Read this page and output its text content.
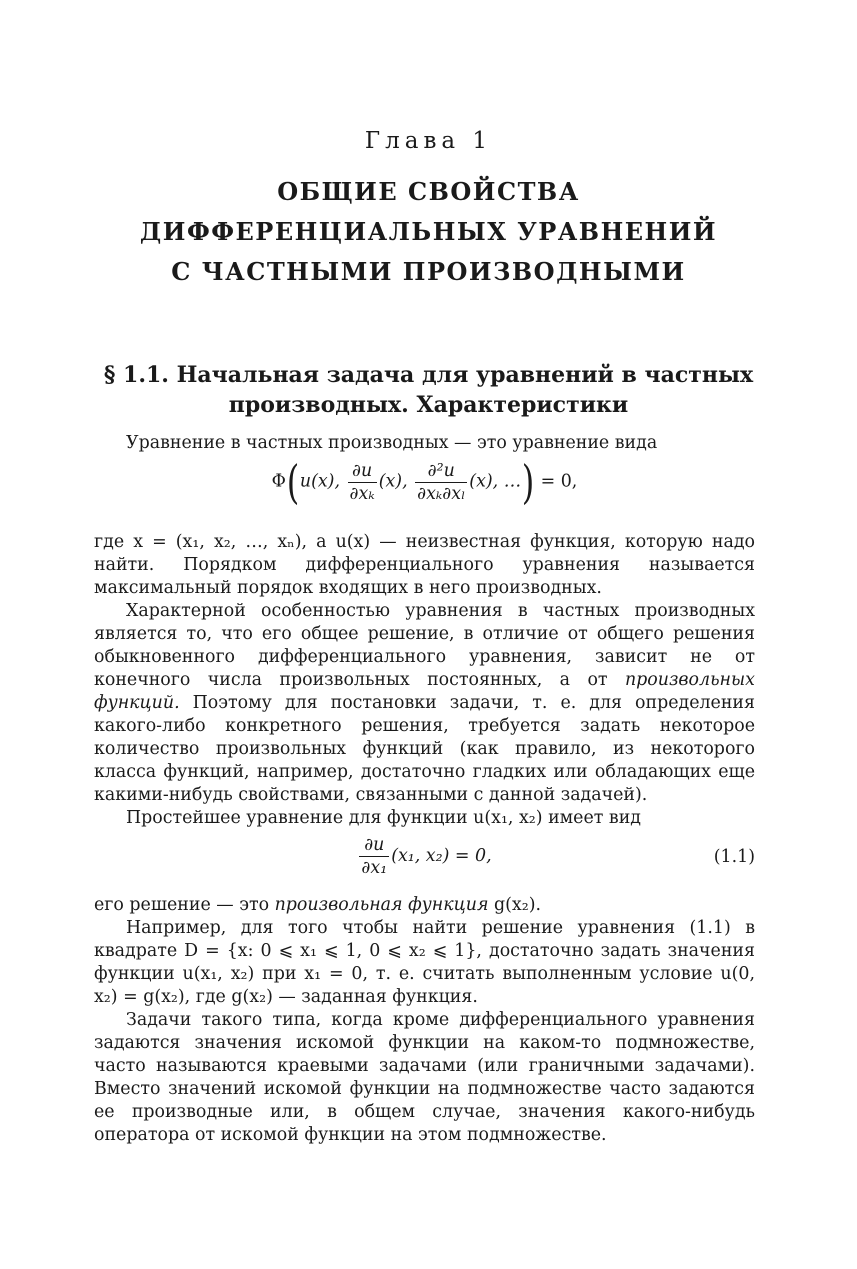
Глава 1
ОБЩИЕ СВОЙСТВА
ДИФФЕРЕНЦИАЛЬНЫХ УРАВНЕНИЙ
С ЧАСТНЫМИ ПРОИЗВОДНЫМИ
§ 1.1. Начальная задача для уравнений в частных
производных. Характеристики

Уравнение в частных производных — это уравнение вида

Φ(u(x), $\frac{\partial u}{\text{∂xₖ}} (x)$, $\frac{\text{∂²u}}{\text{∂xₖ∂xₗ}} (x)$, …) = 0,

где x = (x₁, x₂, …, xₙ), а u(x) — неизвестная функция, которую надо найти. Порядком дифференциального уравнения называется максимальный порядок входящих в него производных.

Характерной особенностью уравнения в частных производных является то, что его общее решение, в отличие от общего решения обыкновенного дифференциального уравнения, зависит не от конечного числа произвольных постоянных, а от произвольных функций. Поэтому для постановки задачи, т. е. для определения какого-либо конкретного решения, требуется задать некоторое количество произвольных функций (как правило, из некоторого класса функций, например, достаточно гладких или обладающих еще какими-нибудь свойствами, связанными с данной задачей).

Простейшее уравнение для функции u(x₁, x₂) имеет вид

$\frac{\partial u}{\text{∂x₁}} (x_1$, x₂) = 0,	(1.1)

его решение — это произвольная функция g(x₂).

Например, для того чтобы найти решение уравнения (1.1) в квадрате D = {x: 0 ⩽ x₁ ⩽ 1, 0 ⩽ x₂ ⩽ 1}, достаточно задать значения функции u(x₁, x₂) при x₁ = 0, т. е. считать выполненным условие u(0, x₂) = g(x₂), где g(x₂) — заданная функция.

Задачи такого типа, когда кроме дифференциального уравнения задаются значения искомой функции на каком-то подмножестве, часто называются краевыми задачами (или граничными задачами). Вместо значений искомой функции на подмножестве часто задаются ее производные или, в общем случае, значения какого-нибудь оператора от искомой функции на этом подмножестве.
